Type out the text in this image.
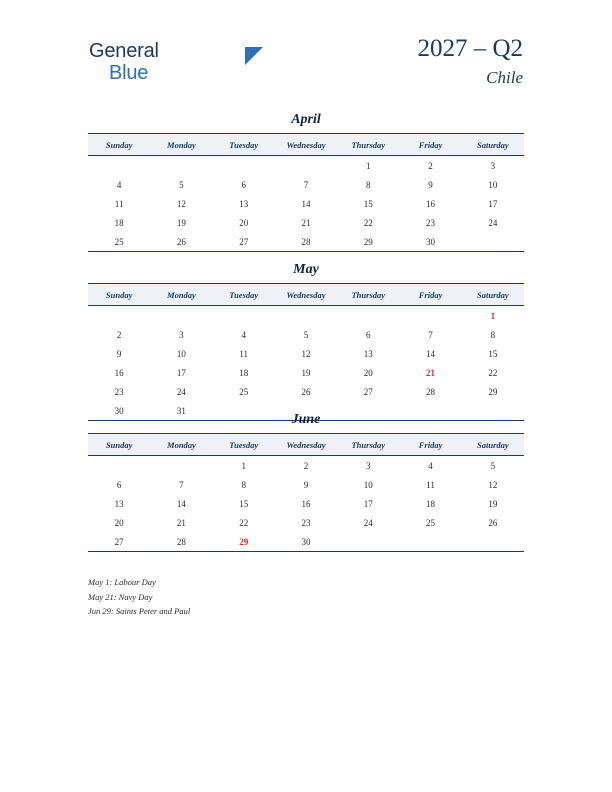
General
Blue
2027 – Q2
Chile
April
Sunday	Monday	Tuesday	Wednesday	Thursday	Friday	Saturday
				1	2	3
4	5	6	7	8	9	10
11	12	13	14	15	16	17
18	19	20	21	22	23	24
25	26	27	28	29	30	
May
Sunday	Monday	Tuesday	Wednesday	Thursday	Friday	Saturday
						1
2	3	4	5	6	7	8
9	10	11	12	13	14	15
16	17	18	19	20	21	22
23	24	25	26	27	28	29
30	31					
June
Sunday	Monday	Tuesday	Wednesday	Thursday	Friday	Saturday
		1	2	3	4	5
6	7	8	9	10	11	12
13	14	15	16	17	18	19
20	21	22	23	24	25	26
27	28	29	30			
May 1: Labour Day
May 21: Navy Day
Jun 29: Saints Peter and Paul
